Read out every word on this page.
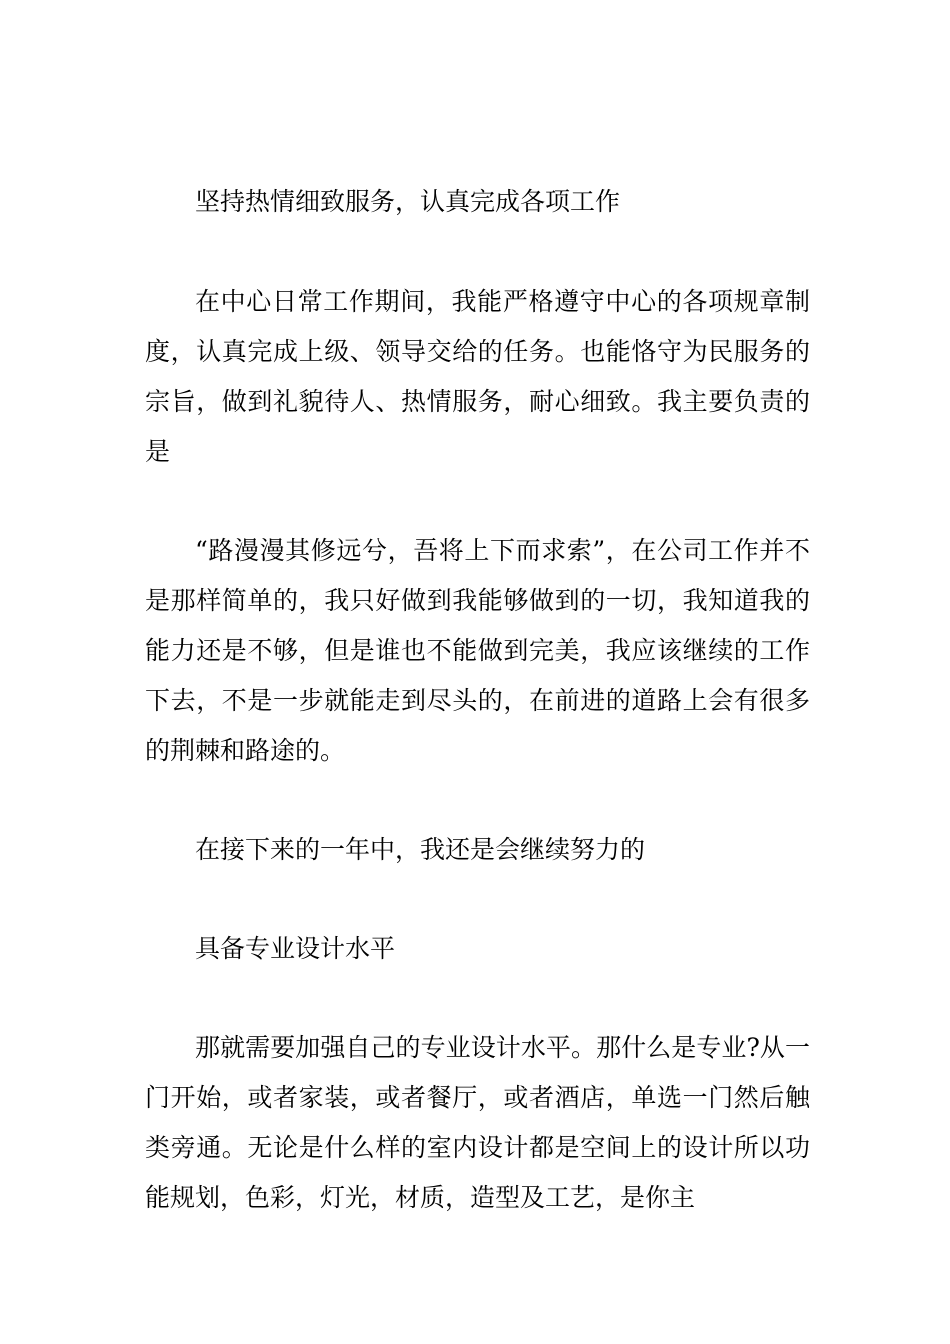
坚持热情细致服务，认真完成各项工作

在中心日常工作期间，我能严格遵守中心的各项规章制度，认真完成上级、领导交给的任务。也能恪守为民服务的宗旨，做到礼貌待人、热情服务，耐心细致。我主要负责的是

“路漫漫其修远兮，吾将上下而求索”，在公司工作并不是那样简单的，我只好做到我能够做到的一切，我知道我的能力还是不够，但是谁也不能做到完美，我应该继续的工作下去，不是一步就能走到尽头的，在前进的道路上会有很多的荆棘和路途的。

在接下来的一年中，我还是会继续努力的

具备专业设计水平

那就需要加强自己的专业设计水平。那什么是专业?从一门开始，或者家装，或者餐厅，或者酒店，单选一门然后触类旁通。无论是什么样的室内设计都是空间上的设计所以功能规划，色彩，灯光，材质，造型及工艺，是你主
